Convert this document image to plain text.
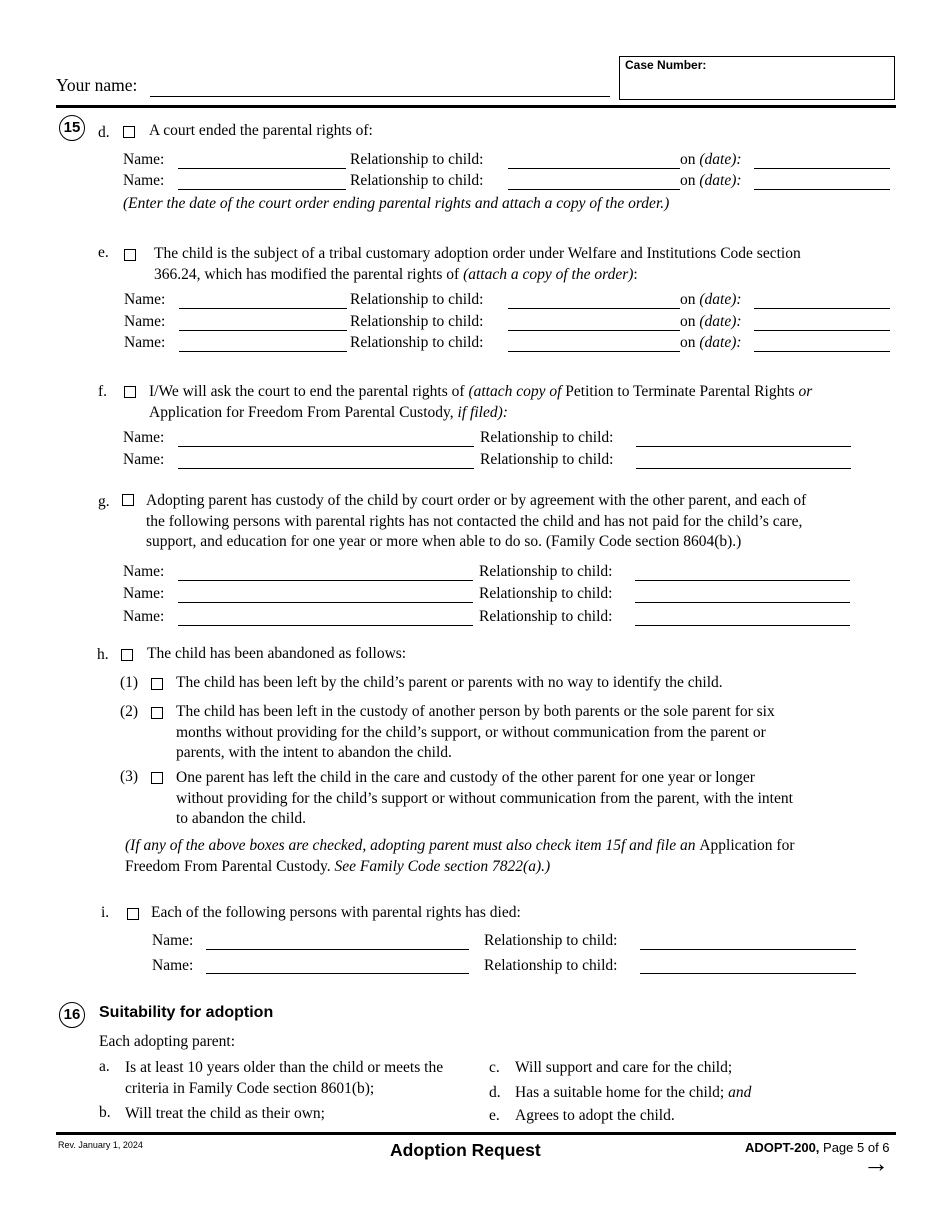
Your name:
Case Number:
15	d.	A court ended the parental rights of:
Name:	Relationship to child:	on (date):
Name:	Relationship to child:	on (date):
(Enter the date of the court order ending parental rights and attach a copy of the order.)
e.	The child is the subject of a tribal customary adoption order under Welfare and Institutions Code section
366.24, which has modified the parental rights of (attach a copy of the order):
Name:	Relationship to child:	on (date):
Name:	Relationship to child:	on (date):
Name:	Relationship to child:	on (date):
f.	I/We will ask the court to end the parental rights of (attach copy of Petition to Terminate Parental Rights or
Application for Freedom From Parental Custody, if filed):
Name:	Relationship to child:
Name:	Relationship to child:
g. Adopting parent has custody of the child by court order or by agreement with the other parent, and each of
the following persons with parental rights has not contacted the child and has not paid for the child’s care,
support, and education for one year or more when able to do so. (Family Code section 8604(b).)
Name:	Relationship to child:
Name:	Relationship to child:
Name:	Relationship to child:
h. The child has been abandoned as follows:
(1) The child has been left by the child’s parent or parents with no way to identify the child.
(2) The child has been left in the custody of another person by both parents or the sole parent for six
months without providing for the child’s support, or without communication from the parent or
parents, with the intent to abandon the child.
(3) One parent has left the child in the care and custody of the other parent for one year or longer
without providing for the child’s support or without communication from the parent, with the intent
to abandon the child.
(If any of the above boxes are checked, adopting parent must also check item 15f and file an Application for
Freedom From Parental Custody. See Family Code section 7822(a).)
i.	Each of the following persons with parental rights has died:
Name:	Relationship to child:
Name:	Relationship to child:
16 Suitability for adoption
Each adopting parent:
a. Is at least 10 years older than the child or meets the
criteria in Family Code section 8601(b);
b. Will treat the child as their own;
c. Will support and care for the child;
d. Has a suitable home for the child; and
e. Agrees to adopt the child.
Rev. January 1, 2024	Adoption Request	ADOPT-200, Page 5 of 6
→
